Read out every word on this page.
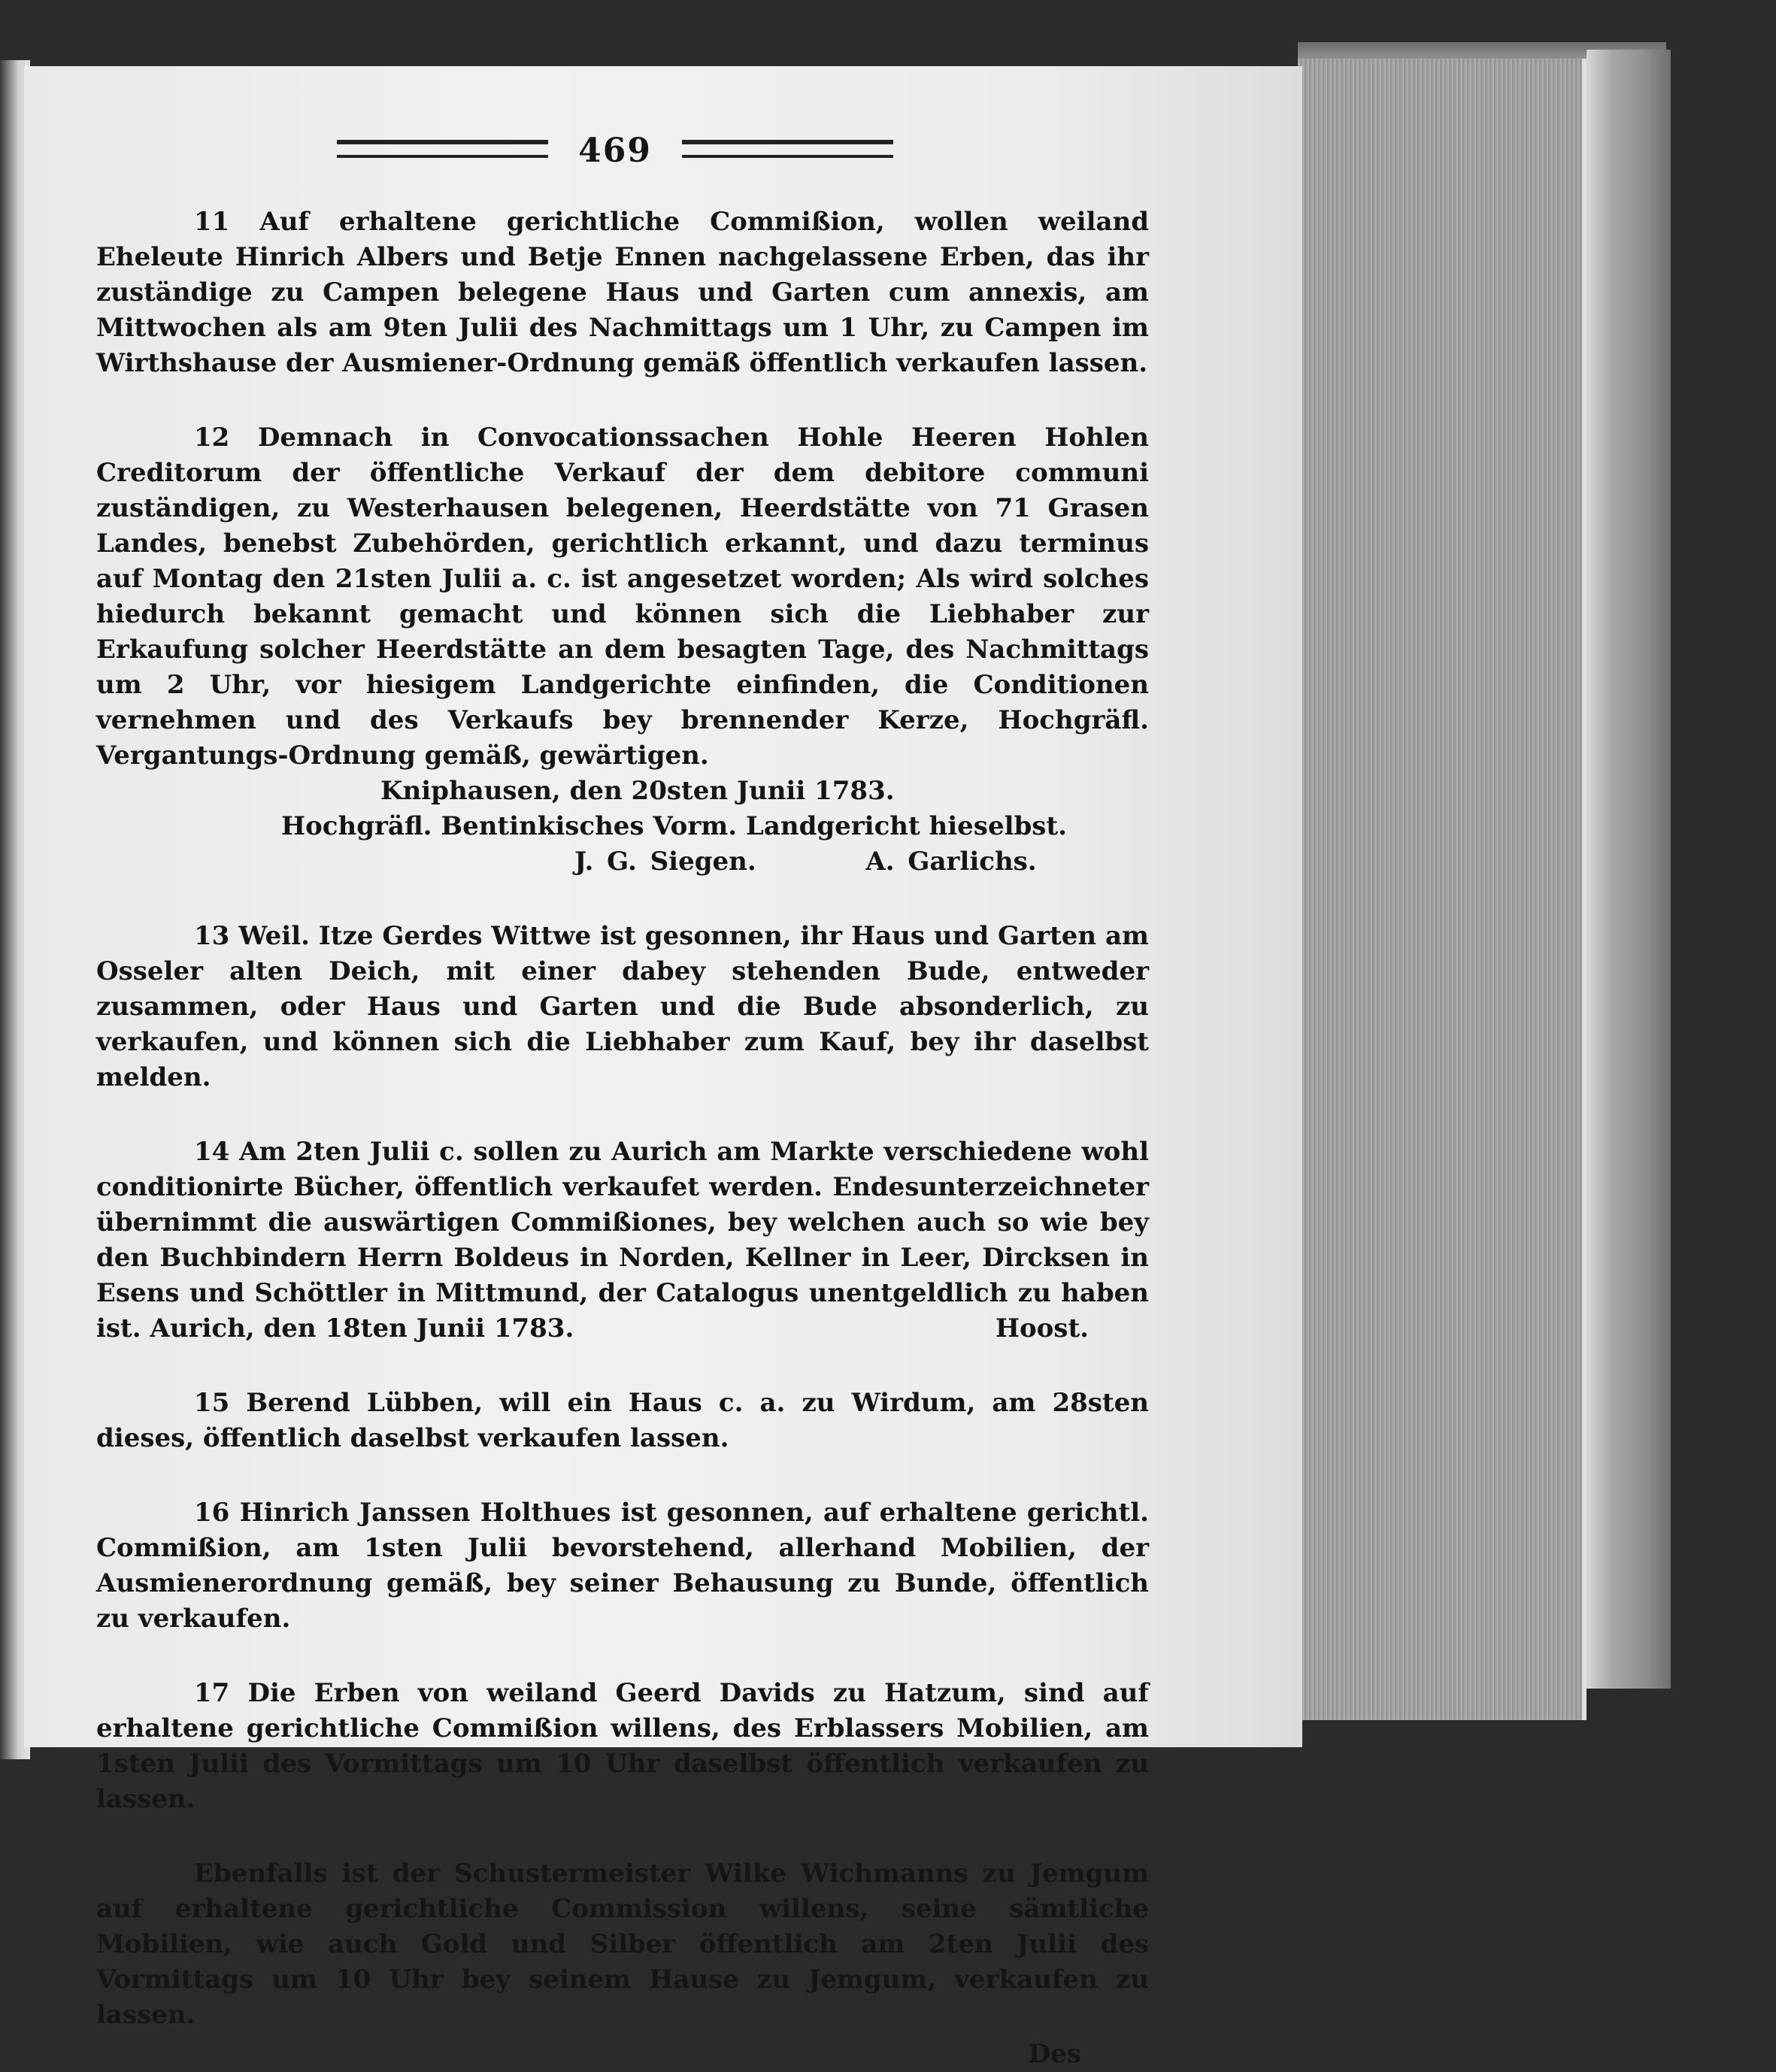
469

11 Auf erhaltene gerichtliche Commißion, wollen weiland Eheleute Hinrich Albers und Betje Ennen nachgelassene Erben, das ihr zuständige zu Campen belegene Haus und Garten cum annexis, am Mittwochen als am 9ten Julii des Nachmittags um 1 Uhr, zu Campen im Wirthshause der Ausmiener-Ordnung gemäß öffentlich verkaufen lassen.

12 Demnach in Convocationssachen Hohle Heeren Hohlen Creditorum der öffentliche Verkauf der dem debitore communi zuständigen, zu Westerhausen belegenen, Heerdstätte von 71 Grasen Landes, benebst Zubehörden, gerichtlich erkannt, und dazu terminus auf Montag den 21sten Julii a. c. ist angesetzet worden; Als wird solches hiedurch bekannt gemacht und können sich die Liebhaber zur Erkaufung solcher Heerdstätte an dem besagten Tage, des Nachmittags um 2 Uhr, vor hiesigem Landgerichte einfinden, die Conditionen vernehmen und des Verkaufs bey brennender Kerze, Hochgräfl. Vergantungs-Ordnung gemäß, gewärtigen.

Kniphausen, den 20sten Junii 1783.

Hochgräfl. Bentinkisches Vorm. Landgericht hieselbst.

J. G. Siegen.	A. Garlichs.

13 Weil. Itze Gerdes Wittwe ist gesonnen, ihr Haus und Garten am Osseler alten Deich, mit einer dabey stehenden Bude, entweder zusammen, oder Haus und Garten und die Bude absonderlich, zu verkaufen, und können sich die Liebhaber zum Kauf, bey ihr daselbst melden.

14 Am 2ten Julii c. sollen zu Aurich am Markte verschiedene wohl conditionirte Bücher, öffentlich verkaufet werden. Endesunterzeichneter übernimmt die auswärtigen Commißiones, bey welchen auch so wie bey den Buchbindern Herrn Boldeus in Norden, Kellner in Leer, Dircksen in Esens und Schöttler in Mittmund, der Catalogus unentgeldlich zu haben ist. Aurich, den 18ten Junii 1783.	Hoost.

15 Berend Lübben, will ein Haus c. a. zu Wirdum, am 28sten dieses, öffentlich daselbst verkaufen lassen.

16 Hinrich Janssen Holthues ist gesonnen, auf erhaltene gerichtl. Commißion, am 1sten Julii bevorstehend, allerhand Mobilien, der Ausmienerordnung gemäß, bey seiner Behausung zu Bunde, öffentlich zu verkaufen.

17 Die Erben von weiland Geerd Davids zu Hatzum, sind auf erhaltene gerichtliche Commißion willens, des Erblassers Mobilien, am 1sten Julii des Vormittags um 10 Uhr daselbst öffentlich verkaufen zu lassen.

Ebenfalls ist der Schustermeister Wilke Wichmanns zu Jemgum auf erhaltene gerichtliche Commission willens, seine sämtliche Mobilien, wie auch Gold und Silber öffentlich am 2ten Julii des Vormittags um 10 Uhr bey seinem Hause zu Jemgum, verkaufen zu lassen.

Des
